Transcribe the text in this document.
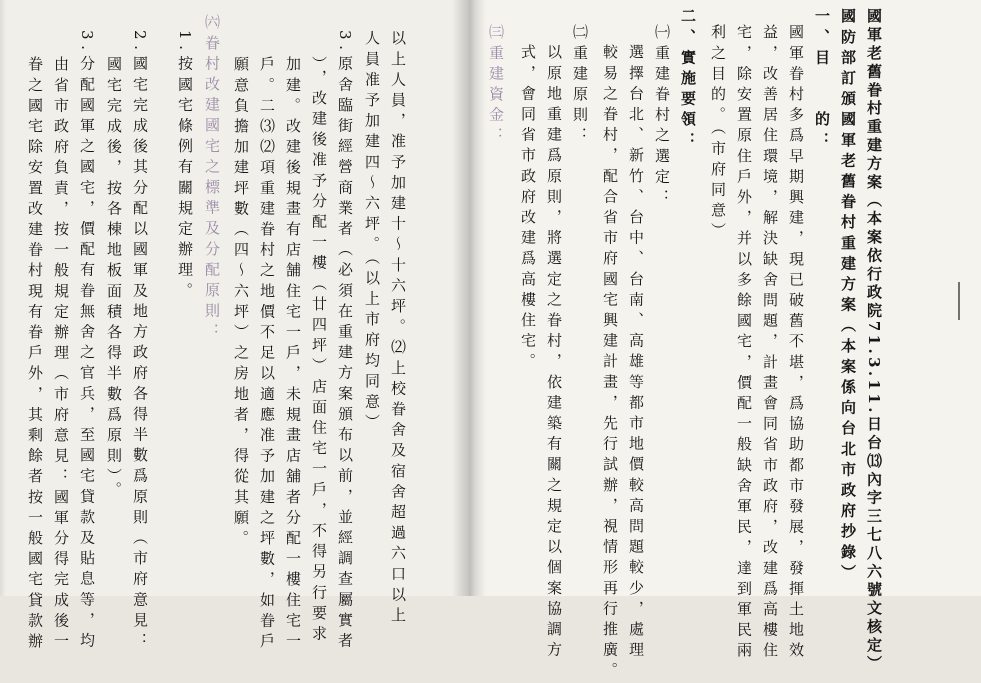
以上人員，准予加建十～十六坪。⑵上校眷舍及宿舍超過六口以上
人員准予加建四～六坪。（以上市府均同意）
3.原舍臨街經營商業者（必須在重建方案頒布以前，並經調查屬實者
），改建後准予分配一樓（廿四坪）店面住宅一戶，不得另行要求
加建。改建後規畫有店舗住宅一戶，未規畫店舖者分配一樓住宅一
戶。二⑶⑵項重建眷村之地價不足以適應准予加建之坪數，如眷戶
願意負擔加建坪數（四～六坪）之房地者，得從其願。
㈥眷村改建國宅之標準及分配原則：
1.按國宅條例有關規定辦理。
2.國宅完成後其分配以國軍及地方政府各得半數爲原則（市府意見：
國宅完成後，按各棟地板面積各得半數爲原則）。
3.分配國軍之國宅，價配有眷無舍之官兵，至國宅貸款及貼息等，均
由省市政府負責，按一般規定辦理（市府意見：國軍分得完成後一
眷之國宅除安置改建眷村現有眷戶外，其剩餘者按一般國宅貸款辦	國軍老舊眷村重建方案（本案依行政院71.3.11.日台⒀內字三七八六號文核定）
國防部訂頒國軍老舊眷村重建方案（本案係向台北市政府抄錄）
一、目　　的：
國軍眷村多爲早期興建，現已破舊不堪，爲協助都市發展，發揮土地效
益，改善居住環境，解決缺舍問題，計畫會同省市政府，改建爲高樓住
宅，除安置原住戶外，并以多餘國宅，價配一般缺舍軍民，達到軍民兩
利之目的。（市府同意）
二、實施要領：
㈠重建眷村之選定：
選擇台北、新竹、台中、台南、高雄等都市地價較高問題較少，處理
較易之眷村，配合省市府國宅興建計畫，先行試辦，視情形再行推廣。
㈡重建原則：
以原地重建爲原則，將選定之眷村，依建築有關之規定以個案協調方
式，會同省市政府改建爲高樓住宅。
㈢重建資金：
